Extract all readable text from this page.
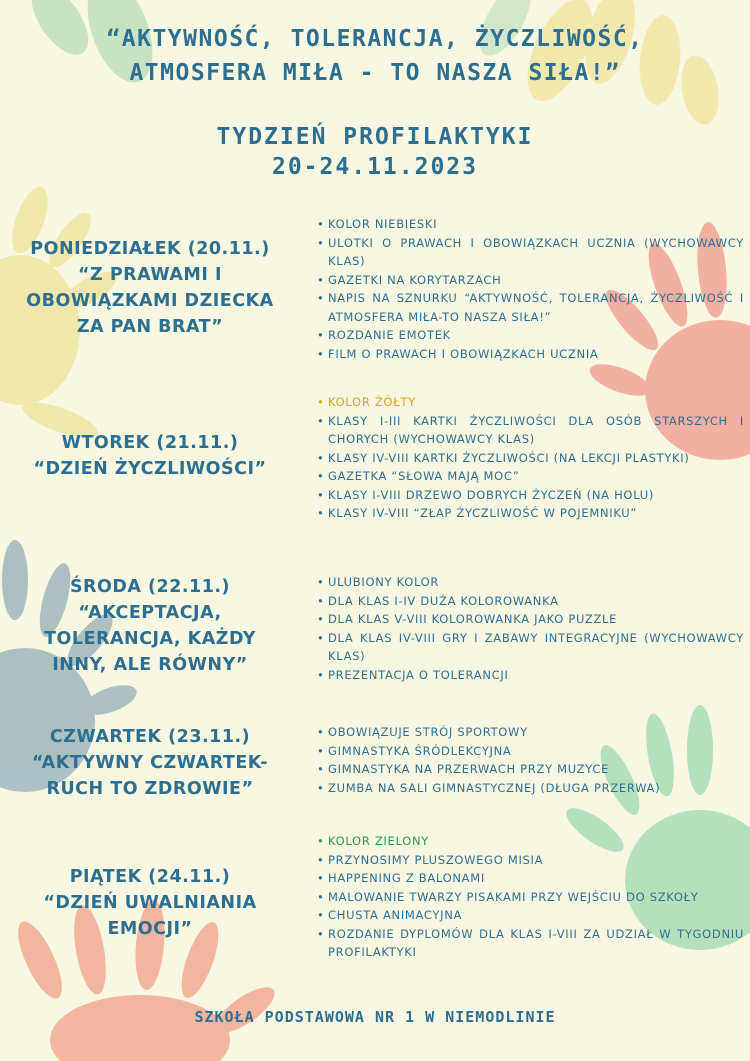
“AKTYWNOŚĆ, TOLERANCJA, ŻYCZLIWOŚĆ,
ATMOSFERA MIŁA - TO NASZA SIŁA!”
TYDZIEŃ PROFILAKTYKI
20-24.11.2023
PONIEDZIAŁEK (20.11.)
“Z PRAWAMI I
OBOWIĄZKAMI DZIECKA
ZA PAN BRAT”
• KOLOR NIEBIESKI
• ULOTKI O PRAWACH I OBOWIĄZKACH UCZNIA (WYCHOWAWCY KLAS)
• GAZETKI NA KORYTARZACH
• NAPIS NA SZNURKU “AKTYWNOŚĆ, TOLERANCJA, ŻYCZLIWOŚĆ I ATMOSFERA MIŁA-TO NASZA SIŁA!”
• ROZDANIE EMOTEK
• FILM O PRAWACH I OBOWIĄZKACH UCZNIA
WTOREK (21.11.)
“DZIEŃ ŻYCZLIWOŚCI”
• KOLOR ŻÓŁTY
• KLASY I-III KARTKI ŻYCZLIWOŚCI DLA OSÓB STARSZYCH I CHORYCH (WYCHOWAWCY KLAS)
• KLASY IV-VIII KARTKI ŻYCZLIWOŚCI (NA LEKCJI PLASTYKI)
• GAZETKA “SŁOWA MAJĄ MOC”
• KLASY I-VIII DRZEWO DOBRYCH ŻYCZEŃ (NA HOLU)
• KLASY IV-VIII “ZŁAP ŻYCZLIWOŚĆ W POJEMNIKU”
ŚRODA (22.11.)
“AKCEPTACJA,
TOLERANCJA, KAŻDY
INNY, ALE RÓWNY”
• ULUBIONY KOLOR
• DLA KLAS I-IV DUŻA KOLOROWANKA
• DLA KLAS V-VIII KOLOROWANKA JAKO PUZZLE
• DLA KLAS IV-VIII GRY I ZABAWY INTEGRACYJNE (WYCHOWAWCY KLAS)
• PREZENTACJA O TOLERANCJI
CZWARTEK (23.11.)
“AKTYWNY CZWARTEK-
RUCH TO ZDROWIE”
• OBOWIĄZUJE STRÓJ SPORTOWY
• GIMNASTYKA ŚRÓDLEKCYJNA
• GIMNASTYKA NA PRZERWACH PRZY MUZYCE
• ZUMBA NA SALI GIMNASTYCZNEJ (DŁUGA PRZERWA)
PIĄTEK (24.11.)
“DZIEŃ UWALNIANIA
EMOCJI”
• KOLOR ZIELONY
• PRZYNOSIMY PLUSZOWEGO MISIA
• HAPPENING Z BALONAMI
• MALOWANIE TWARZY PISAKAMI PRZY WEJŚCIU DO SZKOŁY
• CHUSTA ANIMACYJNA
• ROZDANIE DYPLOMÓW DLA KLAS I-VIII ZA UDZIAŁ W TYGODNIU PROFILAKTYKI
SZKOŁA PODSTAWOWA NR 1 W NIEMODLINIE
